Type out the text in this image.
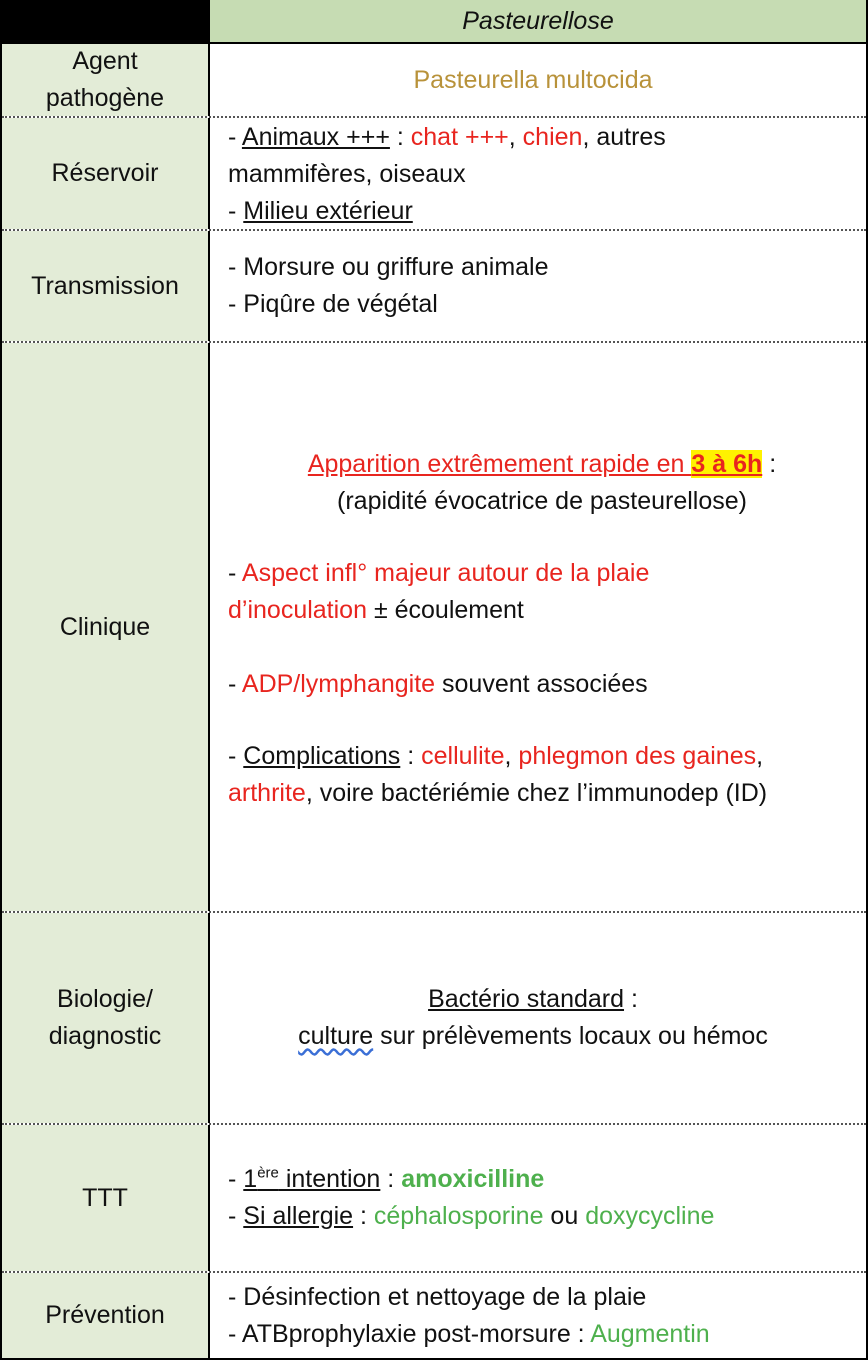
Pasteurellose
Agent
pathogène
Pasteurella multocida
Réservoir
- Animaux +++ : chat +++, chien, autres
mammifères, oiseaux
- Milieu extérieur
Transmission
- Morsure ou griffure animale
- Piqûre de végétal
Clinique
Apparition extrêmement rapide en 3 à 6h :
(rapidité évocatrice de pasteurellose)
- Aspect infl° majeur autour de la plaie
d’inoculation ± écoulement
- ADP/lymphangite souvent associées
- Complications : cellulite, phlegmon des gaines,
arthrite, voire bactériémie chez l’immunodep (ID)
Biologie/
diagnostic
Bactério standard :
culture sur prélèvements locaux ou hémoc
TTT
- 1ère intention : amoxicilline
- Si allergie : céphalosporine ou doxycycline
Prévention
- Désinfection et nettoyage de la plaie
- ATBprophylaxie post-morsure : Augmentin
